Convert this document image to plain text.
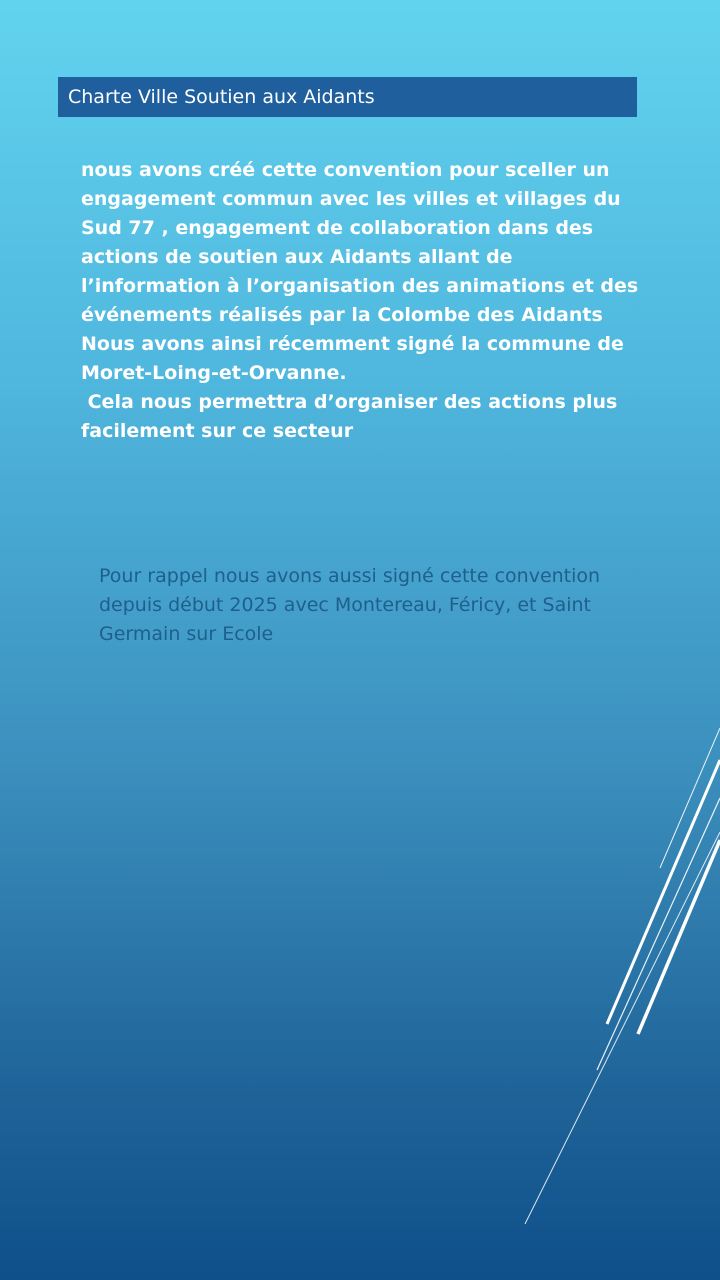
Charte Ville Soutien aux Aidants

nous avons créé cette convention pour sceller un

engagement commun avec les villes et villages du

Sud 77 , engagement de collaboration dans des

actions de soutien aux Aidants allant de

l’information à l’organisation des animations et des

événements réalisés par la Colombe des Aidants

Nous avons ainsi récemment signé la commune de

Moret-Loing-et-Orvanne.

Cela nous permettra d’organiser des actions plus

facilement sur ce secteur

Pour rappel nous avons aussi signé cette convention

depuis début 2025 avec Montereau, Féricy, et Saint

Germain sur Ecole
